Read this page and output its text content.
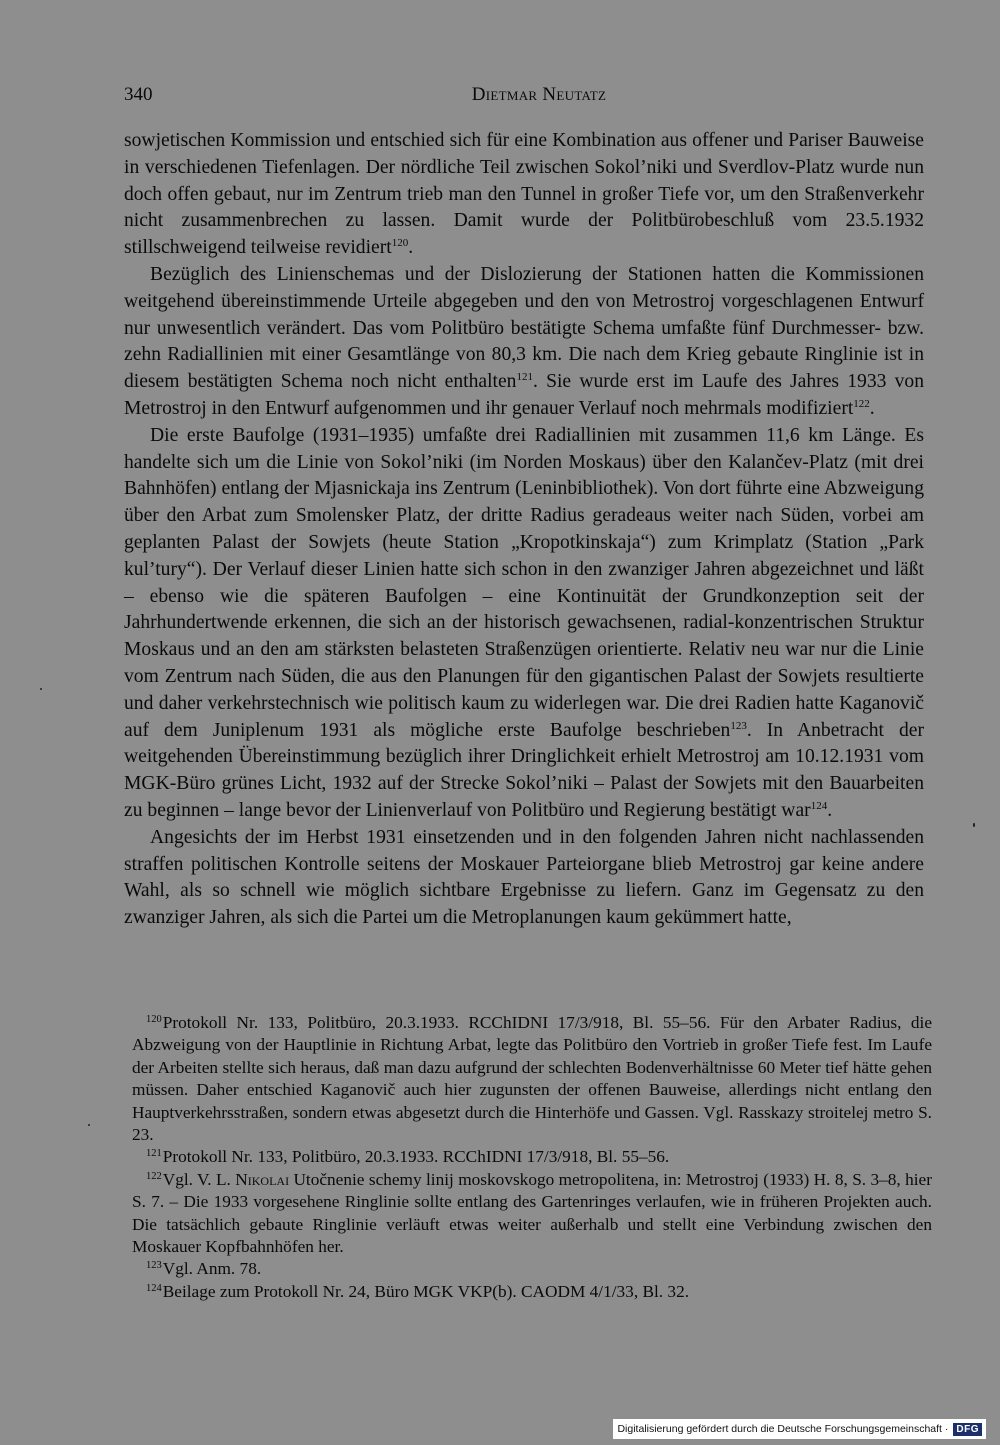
340	Dietmar Neutatz

sowjetischen Kommission und entschied sich für eine Kombination aus offener und Pariser Bauweise in verschiedenen Tiefenlagen. Der nördliche Teil zwischen Sokol’niki und Sverdlov-Platz wurde nun doch offen gebaut, nur im Zentrum trieb man den Tunnel in großer Tiefe vor, um den Straßenverkehr nicht zusammenbrechen zu lassen. Damit wurde der Politbürobeschluß vom 23.5.1932 stillschweigend teilweise revidiert$^{120}$.

Bezüglich des Linienschemas und der Dislozierung der Stationen hatten die Kommissionen weitgehend übereinstimmende Urteile abgegeben und den von Metrostroj vorgeschlagenen Entwurf nur unwesentlich verändert. Das vom Politbüro bestätigte Schema umfaßte fünf Durchmesser- bzw. zehn Radiallinien mit einer Gesamtlänge von 80,3 km. Die nach dem Krieg gebaute Ringlinie ist in diesem bestätigten Schema noch nicht enthalten$^{121}$. Sie wurde erst im Laufe des Jahres 1933 von Metrostroj in den Entwurf aufgenommen und ihr genauer Verlauf noch mehrmals modifiziert$^{122}$.

Die erste Baufolge (1931–1935) umfaßte drei Radiallinien mit zusammen 11,6 km Länge. Es handelte sich um die Linie von Sokol’niki (im Norden Moskaus) über den Kalančev-Platz (mit drei Bahnhöfen) entlang der Mjasnickaja ins Zentrum (Leninbibliothek). Von dort führte eine Abzweigung über den Arbat zum Smolensker Platz, der dritte Radius geradeaus weiter nach Süden, vorbei am geplanten Palast der Sowjets (heute Station „Kropotkinskaja“) zum Krimplatz (Station „Park kul’tury“). Der Verlauf dieser Linien hatte sich schon in den zwanziger Jahren abgezeichnet und läßt – ebenso wie die späteren Baufolgen – eine Kontinuität der Grundkonzeption seit der Jahrhundertwende erkennen, die sich an der historisch gewachsenen, radial-konzentrischen Struktur Moskaus und an den am stärksten belasteten Straßenzügen orientierte. Relativ neu war nur die Linie vom Zentrum nach Süden, die aus den Planungen für den gigantischen Palast der Sowjets resultierte und daher verkehrstechnisch wie politisch kaum zu widerlegen war. Die drei Radien hatte Kaganovič auf dem Juniplenum 1931 als mögliche erste Baufolge beschrieben$^{123}$. In Anbetracht der weitgehenden Übereinstimmung bezüglich ihrer Dringlichkeit erhielt Metrostroj am 10.12.1931 vom MGK-Büro grünes Licht, 1932 auf der Strecke Sokol’niki – Palast der Sowjets mit den Bauarbeiten zu beginnen – lange bevor der Linienverlauf von Politbüro und Regierung bestätigt war$^{124}$.

Angesichts der im Herbst 1931 einsetzenden und in den folgenden Jahren nicht nachlassenden straffen politischen Kontrolle seitens der Moskauer Parteiorgane blieb Metrostroj gar keine andere Wahl, als so schnell wie möglich sichtbare Ergebnisse zu liefern. Ganz im Gegensatz zu den zwanziger Jahren, als sich die Partei um die Metroplanungen kaum gekümmert hatte,

$^{120}$Protokoll Nr. 133, Politbüro, 20.3.1933. RCChIDNI 17/3/918, Bl. 55–56. Für den Arbater Radius, die Abzweigung von der Hauptlinie in Richtung Arbat, legte das Politbüro den Vortrieb in großer Tiefe fest. Im Laufe der Arbeiten stellte sich heraus, daß man dazu aufgrund der schlechten Bodenverhältnisse 60 Meter tief hätte gehen müssen. Daher entschied Kaganovič auch hier zugunsten der offenen Bauweise, allerdings nicht entlang den Hauptverkehrsstraßen, sondern etwas abgesetzt durch die Hinterhöfe und Gassen. Vgl. Rasskazy stroitelej metro S. 23.

$^{121}$Protokoll Nr. 133, Politbüro, 20.3.1933. RCChIDNI 17/3/918, Bl. 55–56.

$^{122}$Vgl. V. L. Nikolai Utočnenie schemy linij moskovskogo metropolitena, in: Metrostroj (1933) H. 8, S. 3–8, hier S. 7. – Die 1933 vorgesehene Ringlinie sollte entlang des Gartenringes verlaufen, wie in früheren Projekten auch. Die tatsächlich gebaute Ringlinie verläuft etwas weiter außerhalb und stellt eine Verbindung zwischen den Moskauer Kopfbahnhöfen her.

$^{123}$Vgl. Anm. 78.

$^{124}$Beilage zum Protokoll Nr. 24, Büro MGK VKP(b). CAODM 4/1/33, Bl. 32.

Digitalisierung gefördert durch die Deutsche Forschungsgemeinschaft · DFG
